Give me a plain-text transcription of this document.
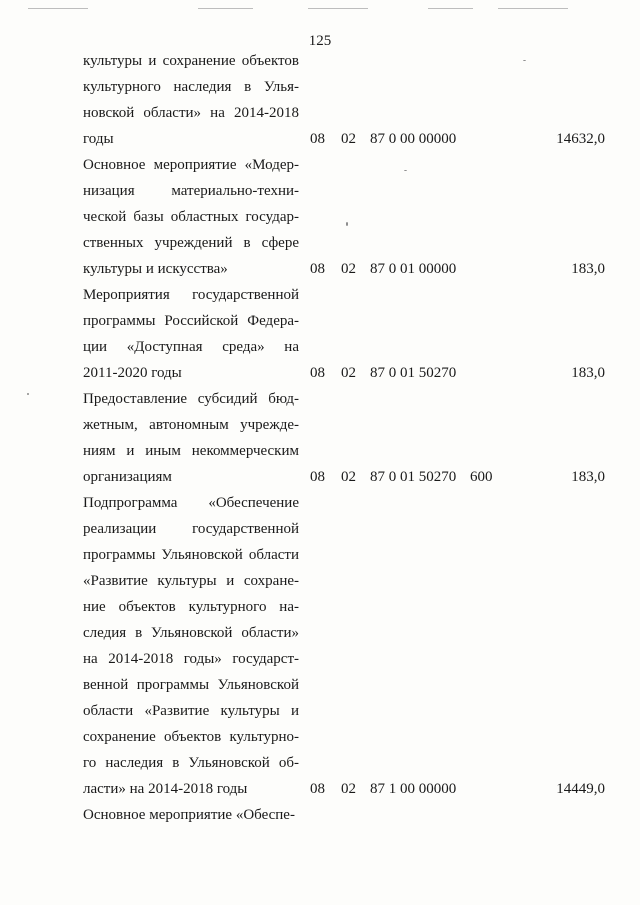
125
культуры и сохранение объектов
культурного наследия в Улья-
новской области» на 2014-2018
годы	08 02 87 0 00 00000	14632,0
Основное мероприятие «Модер-
низация материально-техни-
ческой базы областных государ-
ственных учреждений в сфере
культуры и искусства»	08 02 87 0 01 00000	183,0
Мероприятия государственной
программы Российской Федера-
ции «Доступная среда» на
2011-2020 годы	08 02 87 0 01 50270	183,0
Предоставление субсидий бюд-
жетным, автономным учрежде-
ниям и иным некоммерческим
организациям	08 02 87 0 01 50270 600	183,0
Подпрограмма «Обеспечение
реализации государственной
программы Ульяновской области
«Развитие культуры и сохране-
ние объектов культурного на-
следия в Ульяновской области»
на 2014-2018 годы» государст-
венной программы Ульяновской
области «Развитие культуры и
сохранение объектов культурно-
го наследия в Ульяновской об-
ласти» на 2014-2018 годы	08 02 87 1 00 00000	14449,0
Основное мероприятие «Обеспе-
